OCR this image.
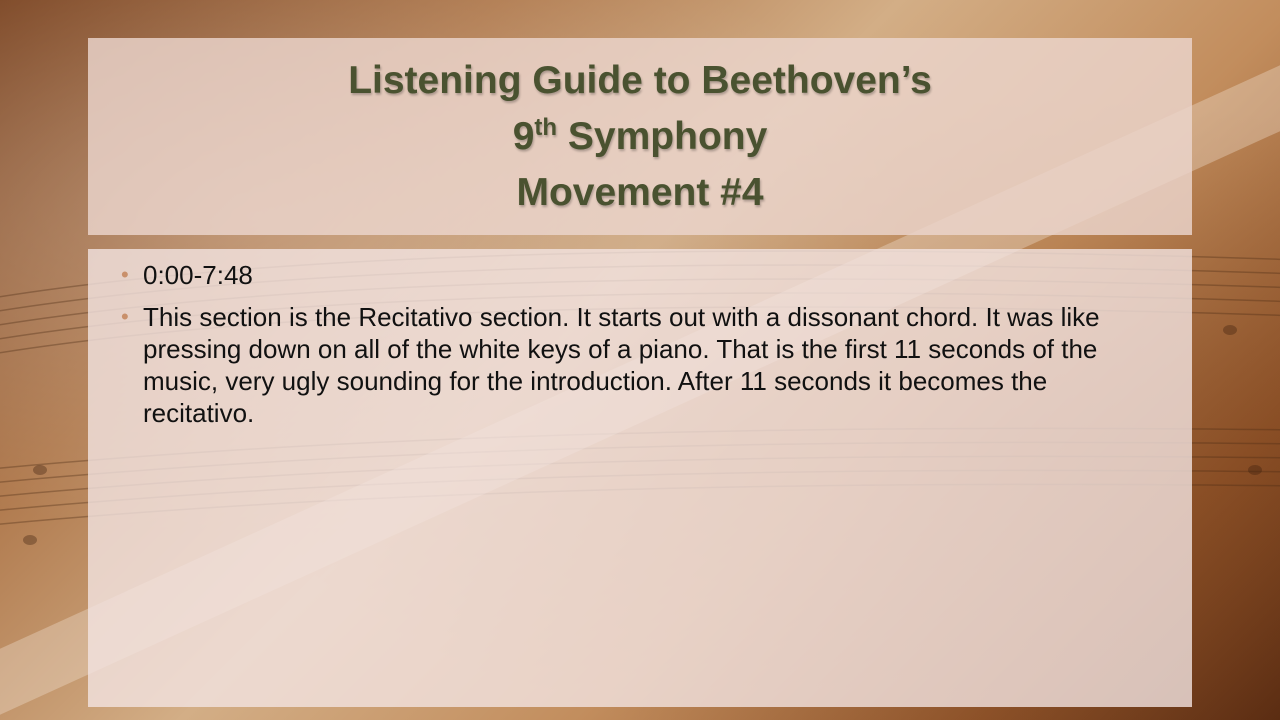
Listening Guide to Beethoven’s
9th Symphony
Movement #4
• 0:00-7:48
• This section is the Recitativo section. It starts out with a dissonant chord. It was like pressing down on all of the white keys of a piano. That is the first 11 seconds of the music, very ugly sounding for the introduction. After 11 seconds it becomes the recitativo.
